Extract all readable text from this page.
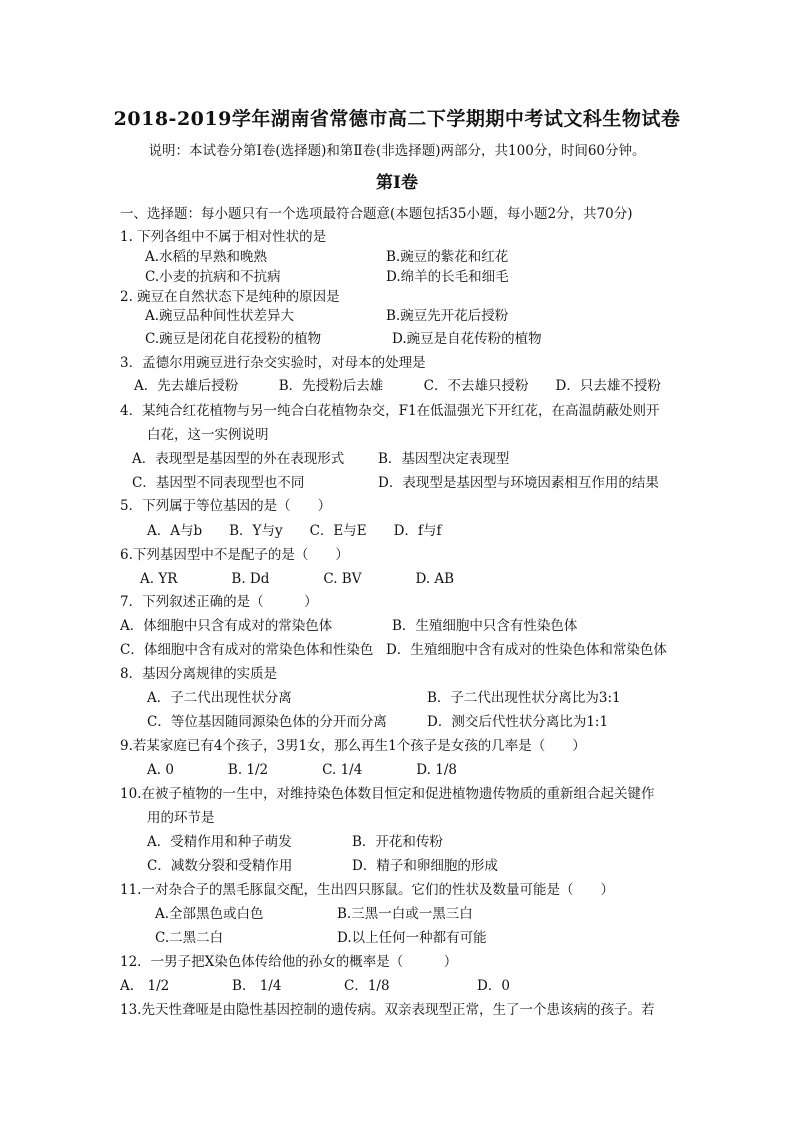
2018-2019学年湖南省常德市高二下学期期中考试文科生物试卷
说明：本试卷分第Ⅰ卷(选择题)和第Ⅱ卷(非选择题)两部分，共100分，时间60分钟。
第Ⅰ卷
一、选择题：每小题只有一个选项最符合题意(本题包括35小题，每小题2分，共70分)
1. 下列各组中不属于相对性状的是
A.水稻的早熟和晚熟	B.豌豆的紫花和红花
C.小麦的抗病和不抗病	D.绵羊的长毛和细毛
2. 豌豆在自然状态下是纯种的原因是
A.豌豆品种间性状差异大	B.豌豆先开花后授粉
C.豌豆是闭花自花授粉的植物	D.豌豆是自花传粉的植物
3．孟德尔用豌豆进行杂交实验时，对母本的处理是
A．先去雄后授粉　　　B．先授粉后去雄　　　C．不去雄只授粉　　D．只去雄不授粉
4．某纯合红花植物与另一纯合白花植物杂交，F1在低温强光下开红花，在高温荫蔽处则开
白花，这一实例说明
A．表现型是基因型的外在表现形式	B．基因型决定表现型
C．基因型不同表现型也不同	D．表现型是基因型与环境因素相互作用的结果
5．下列属于等位基因的是（　　）
A．A与b　　B．Y与y　　C．E与E　　D．f与f
6.下列基因型中不是配子的是（　　）
A. YR　　　　B. Dd　　　　C. BV　　　　D. AB
7．下列叙述正确的是（　　　）
A．体细胞中只含有成对的常染色体	B．生殖细胞中只含有性染色体
C．体细胞中含有成对的常染色体和性染色 D．生殖细胞中含有成对的性染色体和常染色体
8．基因分离规律的实质是
A．子二代出现性状分离	B．子二代出现性状分离比为3:1
C．等位基因随同源染色体的分开而分离	D．测交后代性状分离比为1:1
9.若某家庭已有4个孩子，3男1女，那么再生1个孩子是女孩的几率是（　　）
A. 0　　　　B. 1/2　　　　C. 1/4　　　　D. 1/8
10.在被子植物的一生中，对维持染色体数目恒定和促进植物遗传物质的重新组合起关键作
用的环节是
A．受精作用和种子萌发	B．开花和传粉
C．减数分裂和受精作用	D．精子和卵细胞的形成
11.一对杂合子的黑毛豚鼠交配，生出四只豚鼠。它们的性状及数量可能是（　　）
A.全部黑色或白色	B.三黑一白或一黑三白
C.二黑二白	D.以上任何一种都有可能
12．一男子把X染色体传给他的孙女的概率是（　　　）
A.　1/2	B.　1/4	C．1/8	D．0
13.先天性聋哑是由隐性基因控制的遗传病。双亲表现型正常，生了一个患该病的孩子。若
